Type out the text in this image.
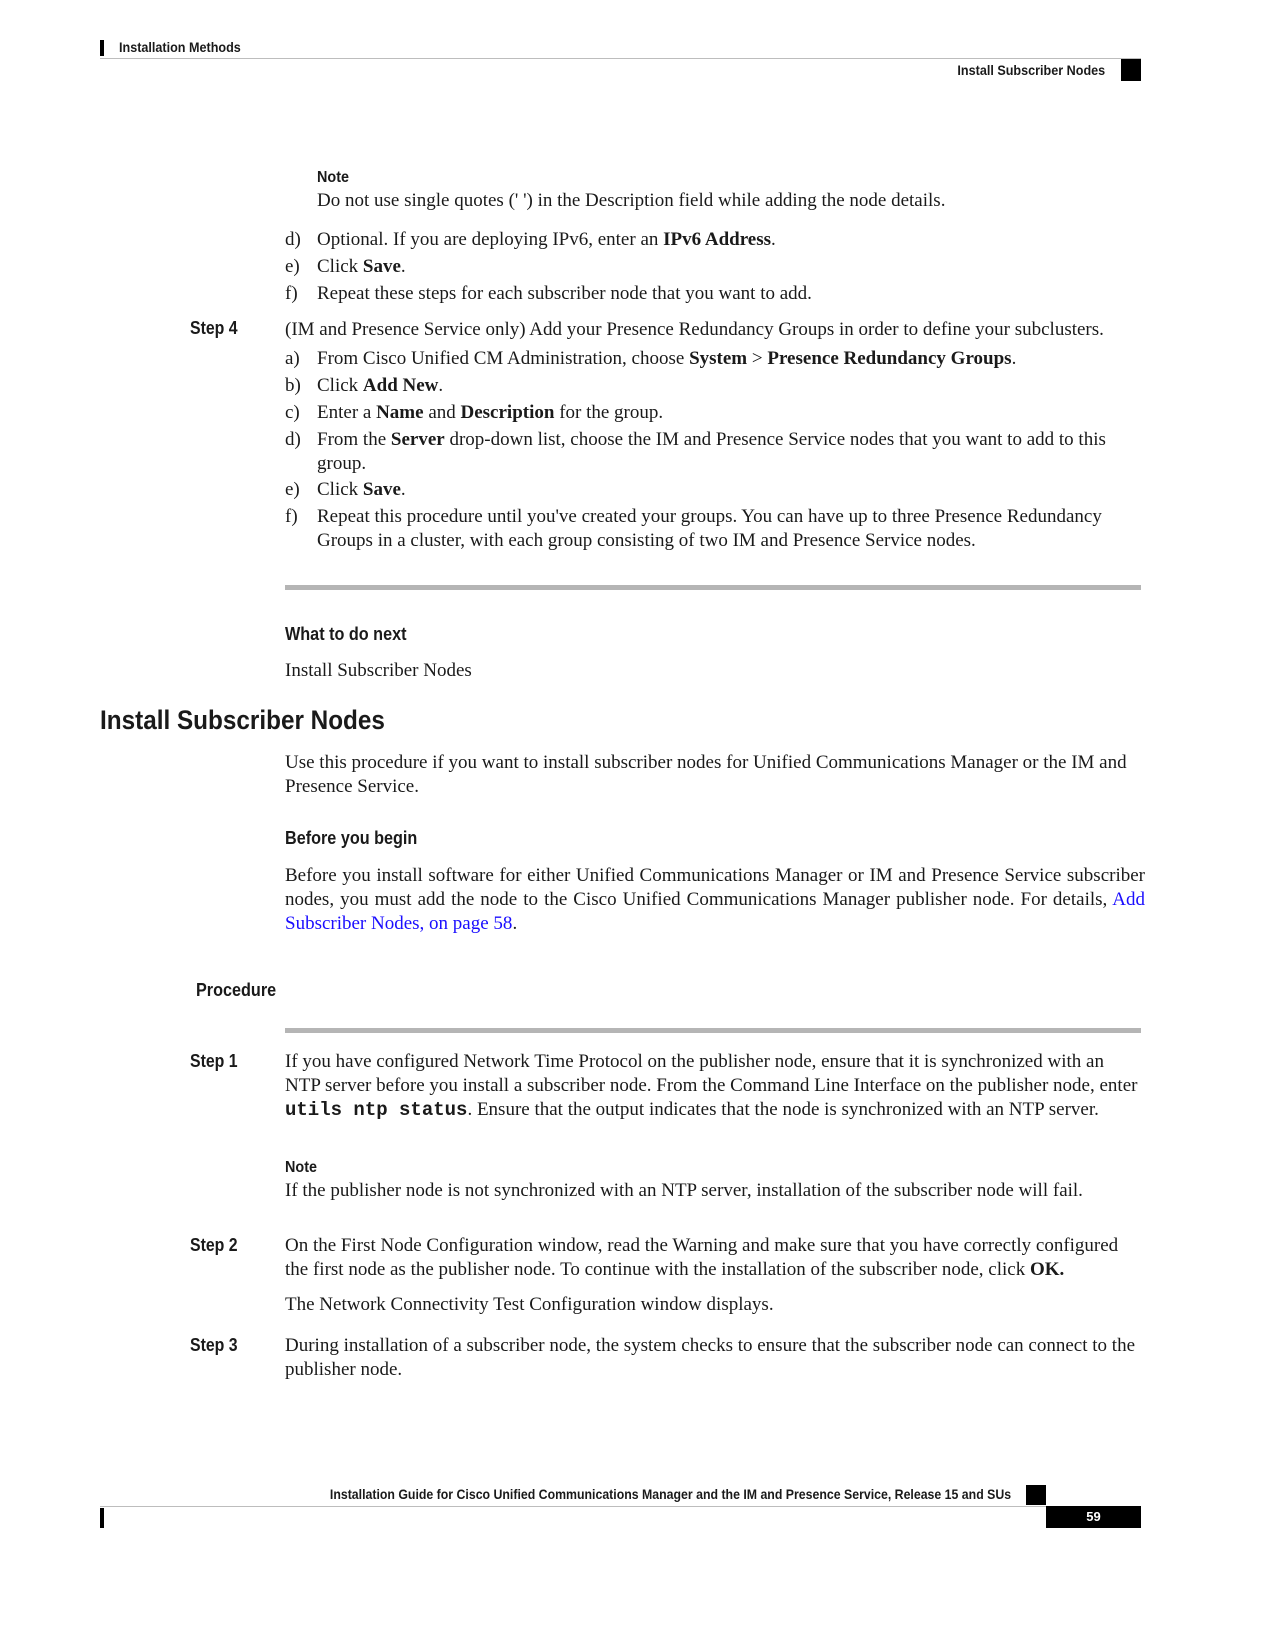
Installation Methods
Install Subscriber Nodes
Note
Do not use single quotes (' ') in the Description field while adding the node details.
d) Optional. If you are deploying IPv6, enter an IPv6 Address.
e) Click Save.
f) Repeat these steps for each subscriber node that you want to add.
Step 4 (IM and Presence Service only) Add your Presence Redundancy Groups in order to define your subclusters.
a) From Cisco Unified CM Administration, choose System > Presence Redundancy Groups.
b) Click Add New.
c) Enter a Name and Description for the group.
d) From the Server drop-down list, choose the IM and Presence Service nodes that you want to add to this group.
e) Click Save.
f) Repeat this procedure until you've created your groups. You can have up to three Presence Redundancy Groups in a cluster, with each group consisting of two IM and Presence Service nodes.
What to do next
Install Subscriber Nodes
Install Subscriber Nodes
Use this procedure if you want to install subscriber nodes for Unified Communications Manager or the IM and Presence Service.
Before you begin
Before you install software for either Unified Communications Manager or IM and Presence Service subscriber nodes, you must add the node to the Cisco Unified Communications Manager publisher node. For details, Add Subscriber Nodes, on page 58.
Procedure
Step 1 If you have configured Network Time Protocol on the publisher node, ensure that it is synchronized with an NTP server before you install a subscriber node. From the Command Line Interface on the publisher node, enter utils ntp status. Ensure that the output indicates that the node is synchronized with an NTP server.
Note
If the publisher node is not synchronized with an NTP server, installation of the subscriber node will fail.
Step 2 On the First Node Configuration window, read the Warning and make sure that you have correctly configured the first node as the publisher node. To continue with the installation of the subscriber node, click OK.
The Network Connectivity Test Configuration window displays.
Step 3 During installation of a subscriber node, the system checks to ensure that the subscriber node can connect to the publisher node.
Installation Guide for Cisco Unified Communications Manager and the IM and Presence Service, Release 15 and SUs
59
